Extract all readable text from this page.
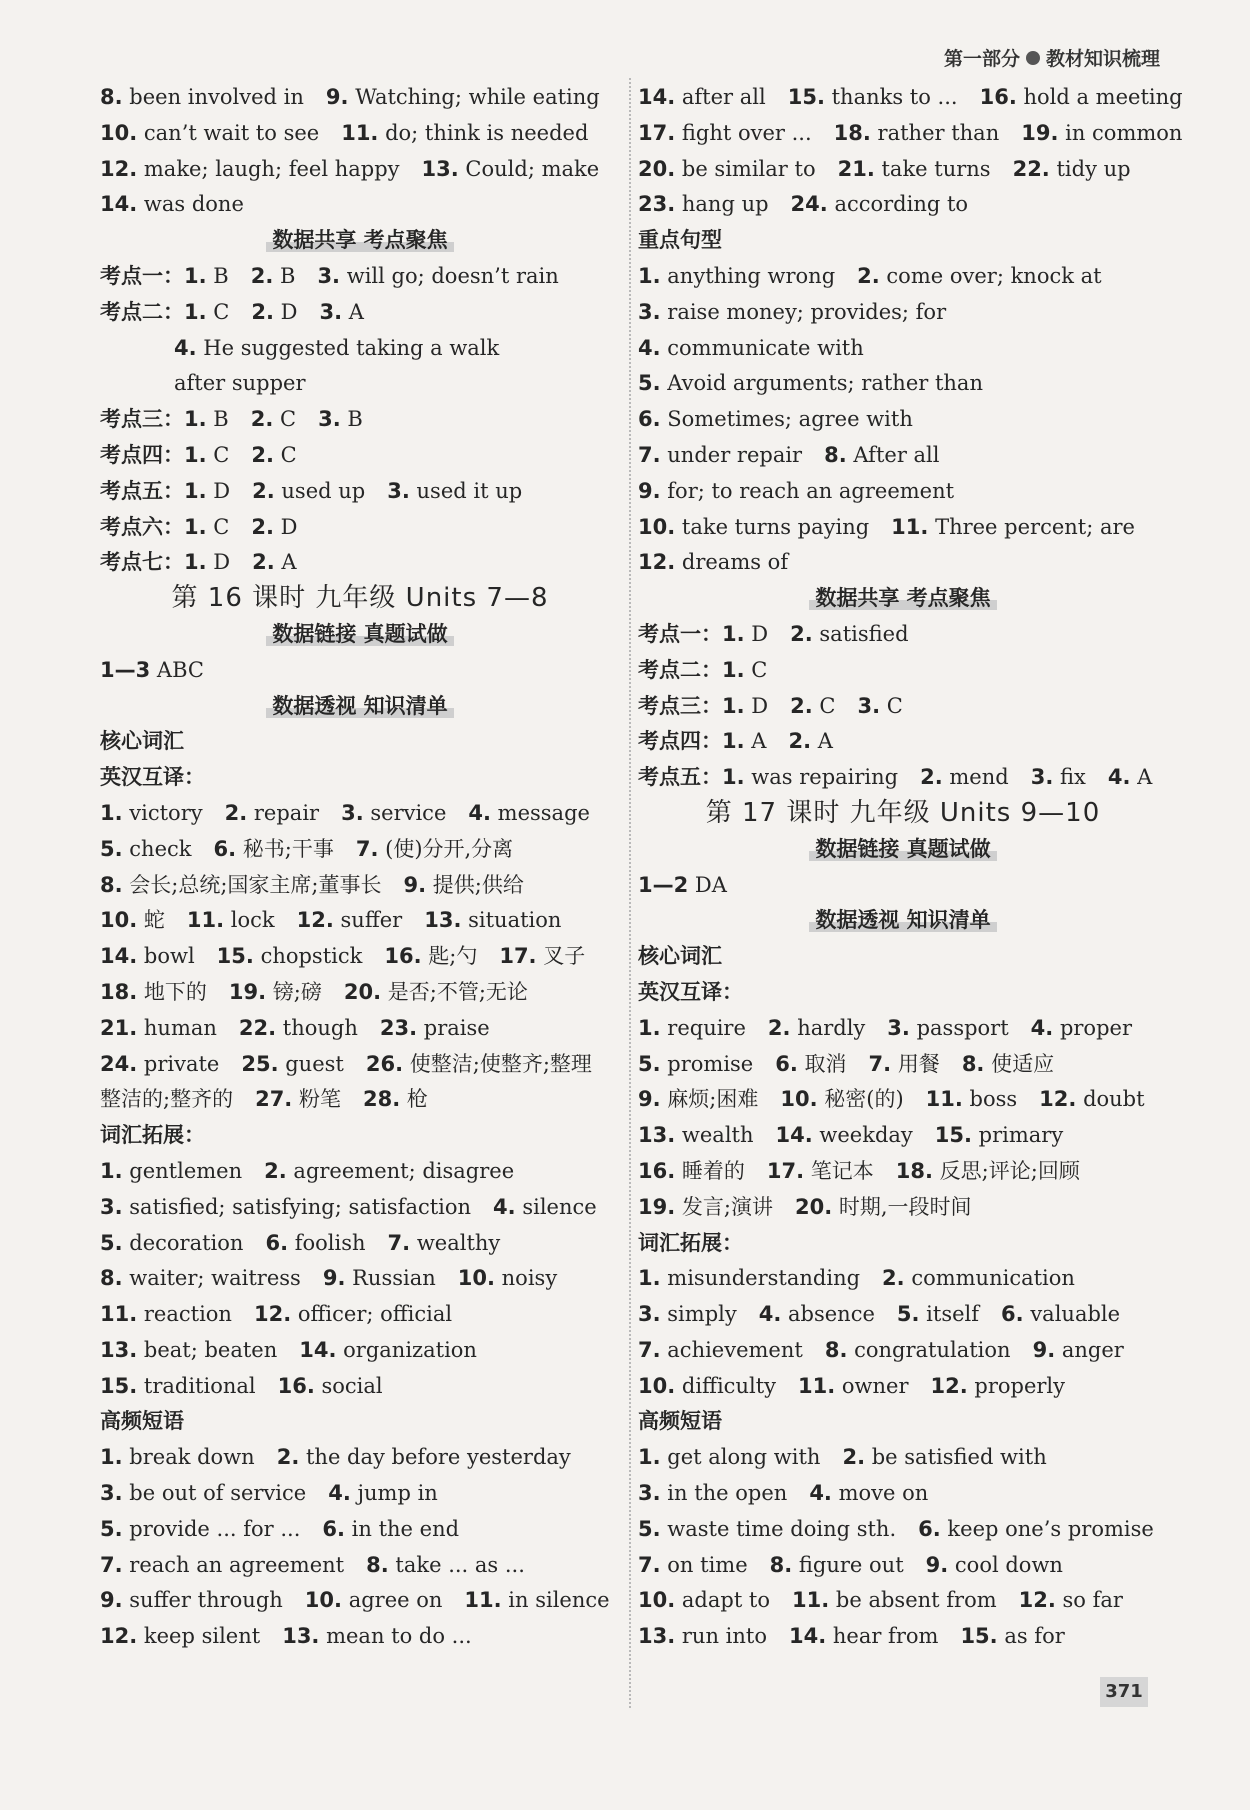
第一部分 教材知识梳理
8. been involved in 9. Watching; while eating
10. can’t wait to see 11. do; think is needed
12. make; laugh; feel happy 13. Could; make
14. was done
数据共享 考点聚焦
考点一：1. B 2. B 3. will go; doesn’t rain
考点二：1. C 2. D 3. A
4. He suggested taking a walk
after supper
考点三：1. B 2. C 3. B
考点四：1. C 2. C
考点五：1. D 2. used up 3. used it up
考点六：1. C 2. D
考点七：1. D 2. A
第 16 课时 九年级 Units 7—8
数据链接 真题试做
1—3 ABC
数据透视 知识清单
核心词汇
英汉互译：
1. victory 2. repair 3. service 4. message
5. check 6. 秘书;干事 7. (使)分开,分离
8. 会长;总统;国家主席;董事长 9. 提供;供给
10. 蛇 11. lock 12. suffer 13. situation
14. bowl 15. chopstick 16. 匙;勺 17. 叉子
18. 地下的 19. 镑;磅 20. 是否;不管;无论
21. human 22. though 23. praise
24. private 25. guest 26. 使整洁;使整齐;整理
整洁的;整齐的 27. 粉笔 28. 枪
词汇拓展：
1. gentlemen 2. agreement; disagree
3. satisfied; satisfying; satisfaction 4. silence
5. decoration 6. foolish 7. wealthy
8. waiter; waitress 9. Russian 10. noisy
11. reaction 12. officer; official
13. beat; beaten 14. organization
15. traditional 16. social
高频短语
1. break down 2. the day before yesterday
3. be out of service 4. jump in
5. provide ... for ... 6. in the end
7. reach an agreement 8. take ... as ...
9. suffer through 10. agree on 11. in silence
12. keep silent 13. mean to do ...
14. after all 15. thanks to ... 16. hold a meeting
17. fight over ... 18. rather than 19. in common
20. be similar to 21. take turns 22. tidy up
23. hang up 24. according to
重点句型
1. anything wrong 2. come over; knock at
3. raise money; provides; for
4. communicate with
5. Avoid arguments; rather than
6. Sometimes; agree with
7. under repair 8. After all
9. for; to reach an agreement
10. take turns paying 11. Three percent; are
12. dreams of
数据共享 考点聚焦
考点一：1. D 2. satisfied
考点二：1. C
考点三：1. D 2. C 3. C
考点四：1. A 2. A
考点五：1. was repairing 2. mend 3. fix 4. A
第 17 课时 九年级 Units 9—10
数据链接 真题试做
1—2 DA
数据透视 知识清单
核心词汇
英汉互译：
1. require 2. hardly 3. passport 4. proper
5. promise 6. 取消 7. 用餐 8. 使适应
9. 麻烦;困难 10. 秘密(的) 11. boss 12. doubt
13. wealth 14. weekday 15. primary
16. 睡着的 17. 笔记本 18. 反思;评论;回顾
19. 发言;演讲 20. 时期,一段时间
词汇拓展：
1. misunderstanding 2. communication
3. simply 4. absence 5. itself 6. valuable
7. achievement 8. congratulation 9. anger
10. difficulty 11. owner 12. properly
高频短语
1. get along with 2. be satisfied with
3. in the open 4. move on
5. waste time doing sth. 6. keep one’s promise
7. on time 8. figure out 9. cool down
10. adapt to 11. be absent from 12. so far
13. run into 14. hear from 15. as for
371
